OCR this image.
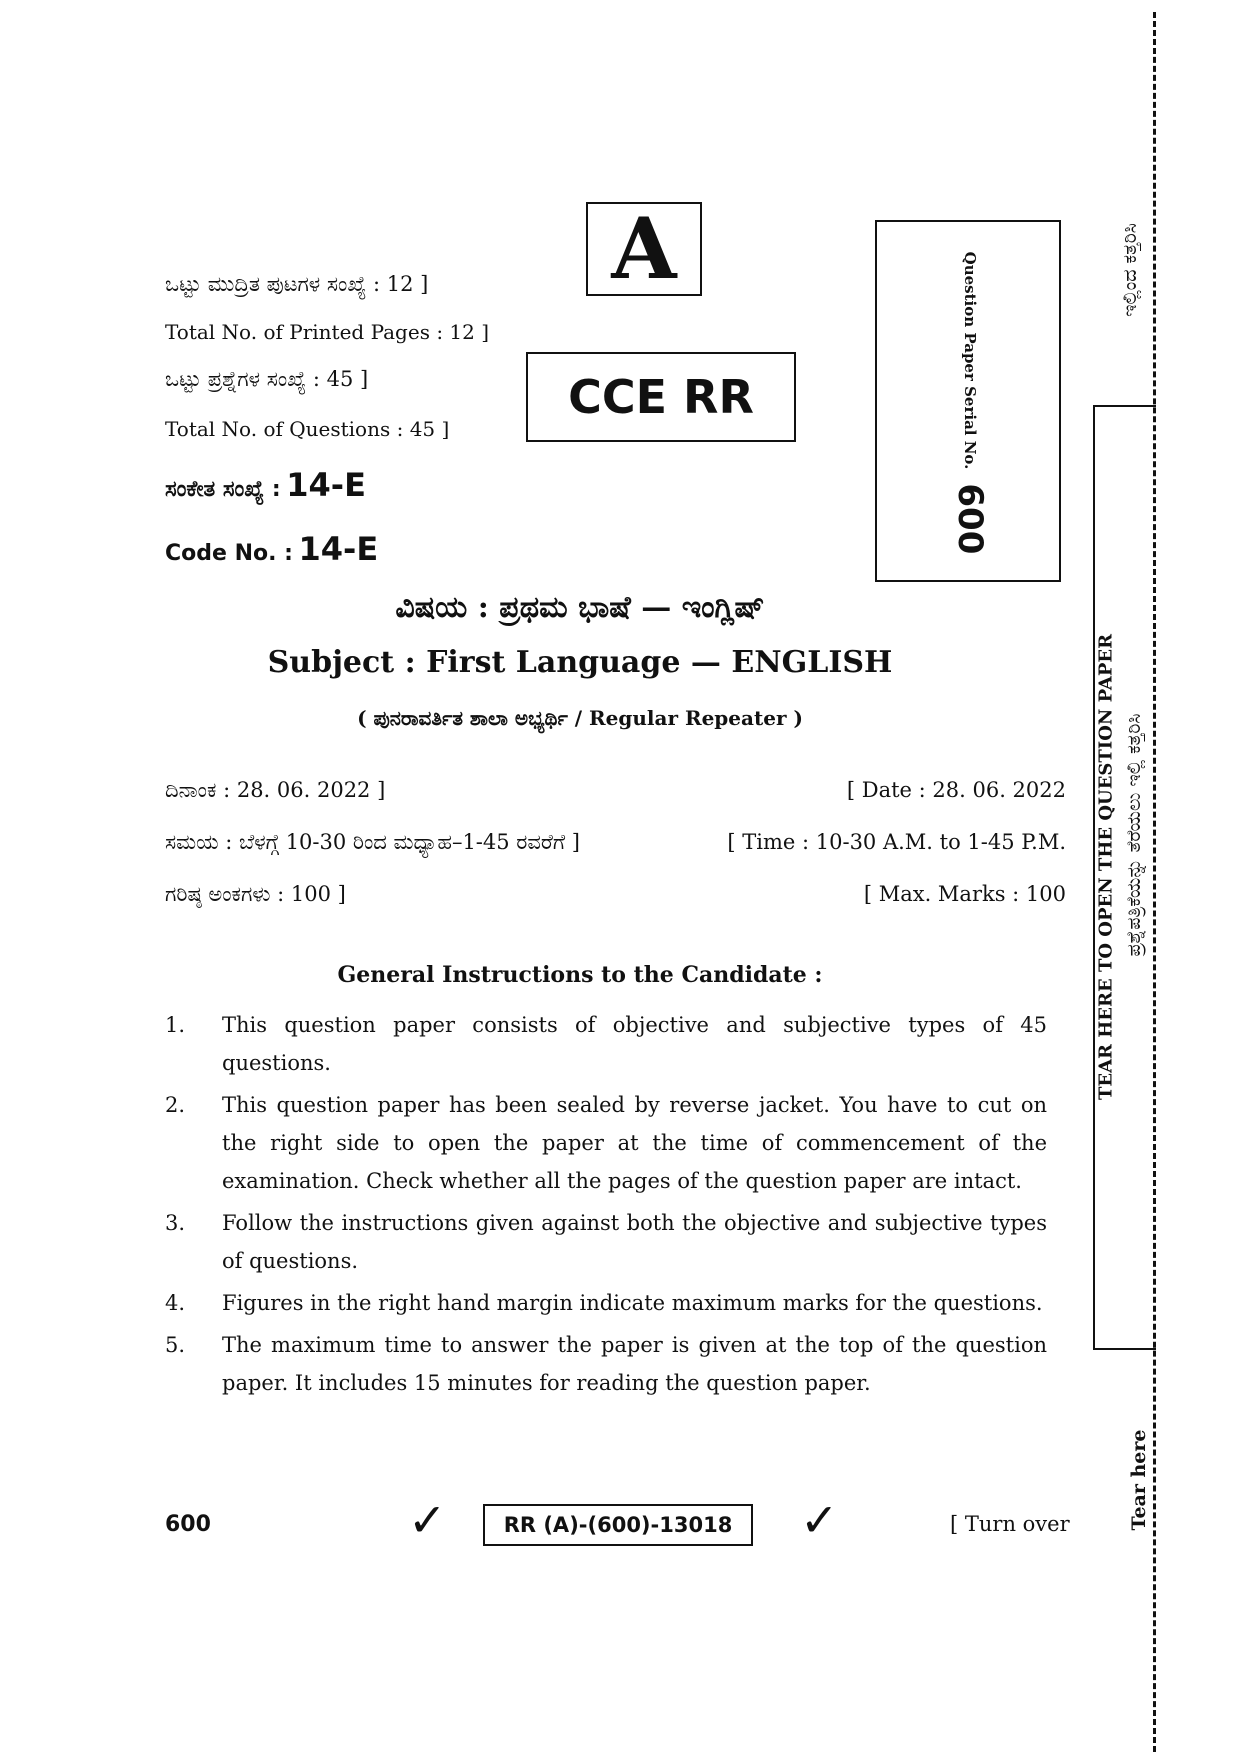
ಒಟ್ಟು ಮುದ್ರಿತ ಪುಟಗಳ ಸಂಖ್ಯೆ : 12 ]
Total No. of Printed Pages : 12 ]
ಒಟ್ಟು ಪ್ರಶ್ನೆಗಳ ಸಂಖ್ಯೆ : 45 ]
Total No. of Questions : 45 ]
ಸಂಕೇತ ಸಂಖ್ಯೆ : 14-E
Code No. : 14-E
A
CCE RR	Question Paper Serial No.
600
ವಿಷಯ : ಪ್ರಥಮ ಭಾಷೆ — ಇಂಗ್ಲಿಷ್
Subject : First Language — ENGLISH
( ಪುನರಾವರ್ತಿತ ಶಾಲಾ ಅಭ್ಯರ್ಥಿ / Regular Repeater )
ದಿನಾಂಕ : 28. 06. 2022 ]	[ Date : 28. 06. 2022
ಸಮಯ : ಬೆಳಗ್ಗೆ 10-30 ರಿಂದ ಮಧ್ಯಾಹ–1-45 ರವರೆಗೆ ]	[ Time : 10-30 A.M. to 1-45 P.M.
ಗರಿಷ್ಠ ಅಂಕಗಳು : 100 ]	[ Max. Marks : 100
General Instructions to the Candidate :
1.	This question paper consists of objective and subjective types of 45 questions.
2.	This question paper has been sealed by reverse jacket. You have to cut on the right side to open the paper at the time of commencement of the examination. Check whether all the pages of the question paper are intact.
3.	Follow the instructions given against both the objective and subjective types of questions.
4.	Figures in the right hand margin indicate maximum marks for the questions.
5.	The maximum time to answer the paper is given at the top of the question paper. It includes 15 minutes for reading the question paper.
600	✓	RR (A)-(600)-13018	✓	[ Turn over
ಇಲ್ಲಿಂದ ಕತ್ತರಿಸಿ
TEAR HERE TO OPEN THE QUESTION PAPER ಪ್ರಶ್ನೆಪತ್ರಿಕೆಯನ್ನು ತೆರೆಯಲು ಇಲ್ಲಿ ಕತ್ತರಿಸಿ
Tear here
